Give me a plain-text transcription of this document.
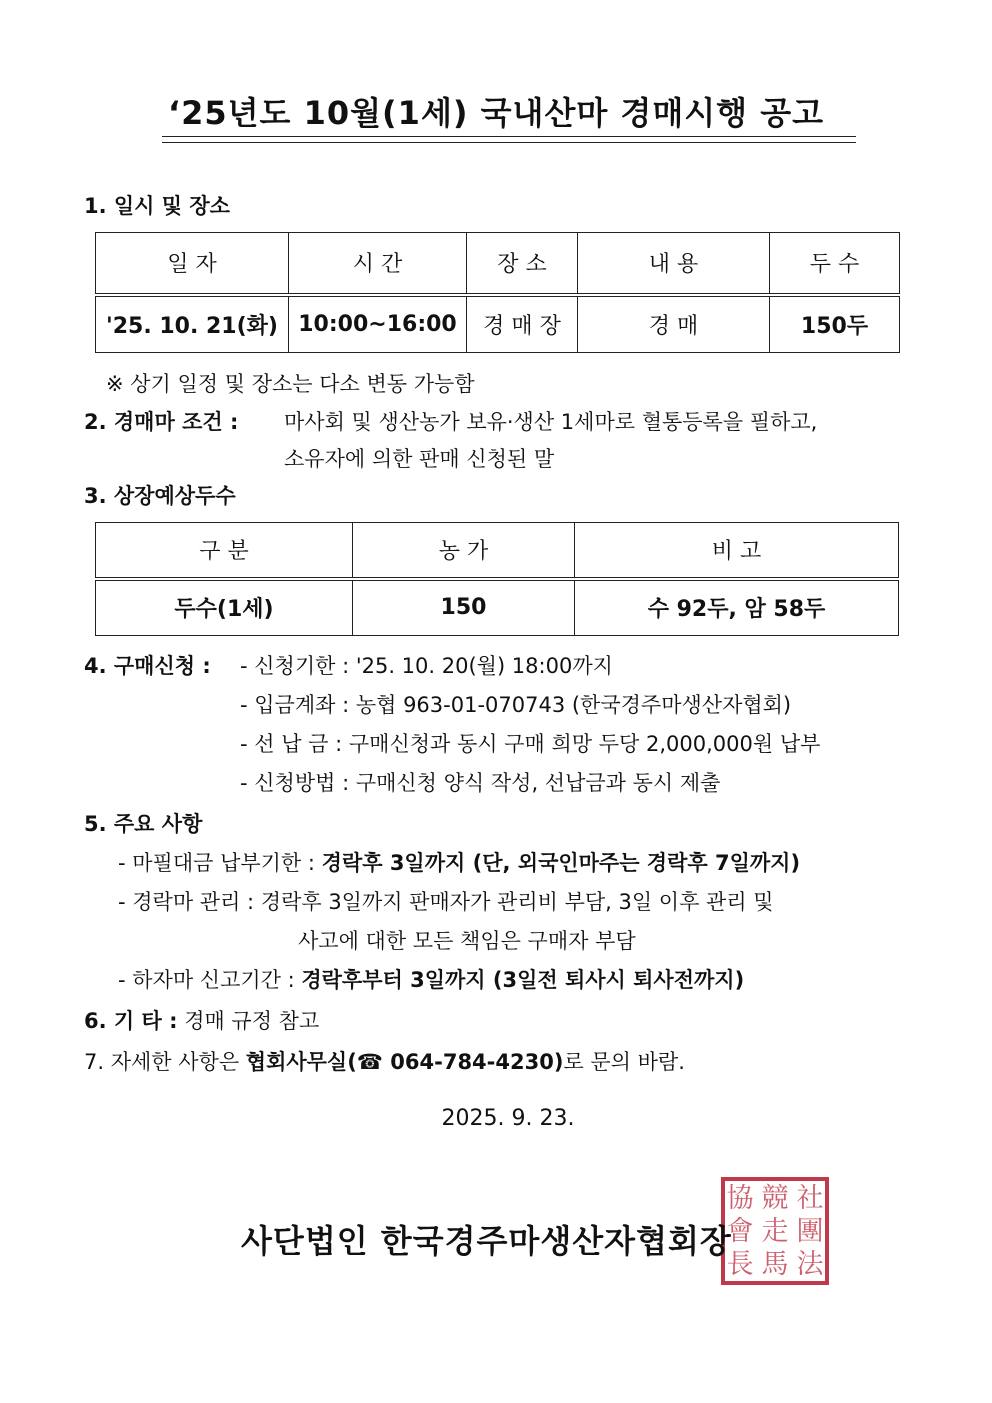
‘25년도 10월(1세) 국내산마 경매시행 공고
1. 일시 및 장소
일 자	시 간	장 소	내 용	두 수
'25. 10. 21(화)	10:00~16:00	경 매 장	경 매	150두
※ 상기 일정 및 장소는 다소 변동 가능함
2. 경매마 조건 : 마사회 및 생산농가 보유·생산 1세마로 혈통등록을 필하고,
소유자에 의한 판매 신청된 말
3. 상장예상두수
구 분	농 가	비 고
두수(1세)	150	수 92두, 암 58두
4. 구매신청 : - 신청기한 : '25. 10. 20(월) 18:00까지
- 입금계좌 : 농협 963-01-070743 (한국경주마생산자협회)
- 선 납 금 : 구매신청과 동시 구매 희망 두당 2,000,000원 납부
- 신청방법 : 구매신청 양식 작성, 선납금과 동시 제출
5. 주요 사항
- 마필대금 납부기한 : 경락후 3일까지 (단, 외국인마주는 경락후 7일까지)
- 경락마 관리 : 경락후 3일까지 판매자가 관리비 부담, 3일 이후 관리 및
사고에 대한 모든 책임은 구매자 부담
- 하자마 신고기간 : 경락후부터 3일까지 (3일전 퇴사시 퇴사전까지)
6. 기 타 : 경매 규정 참고
7. 자세한 사항은 협회사무실(☎ 064-784-4230)로 문의 바람.
2025. 9. 23.
協
會
長
競
走
馬
社
團
法
사단법인 한국경주마생산자협회장
